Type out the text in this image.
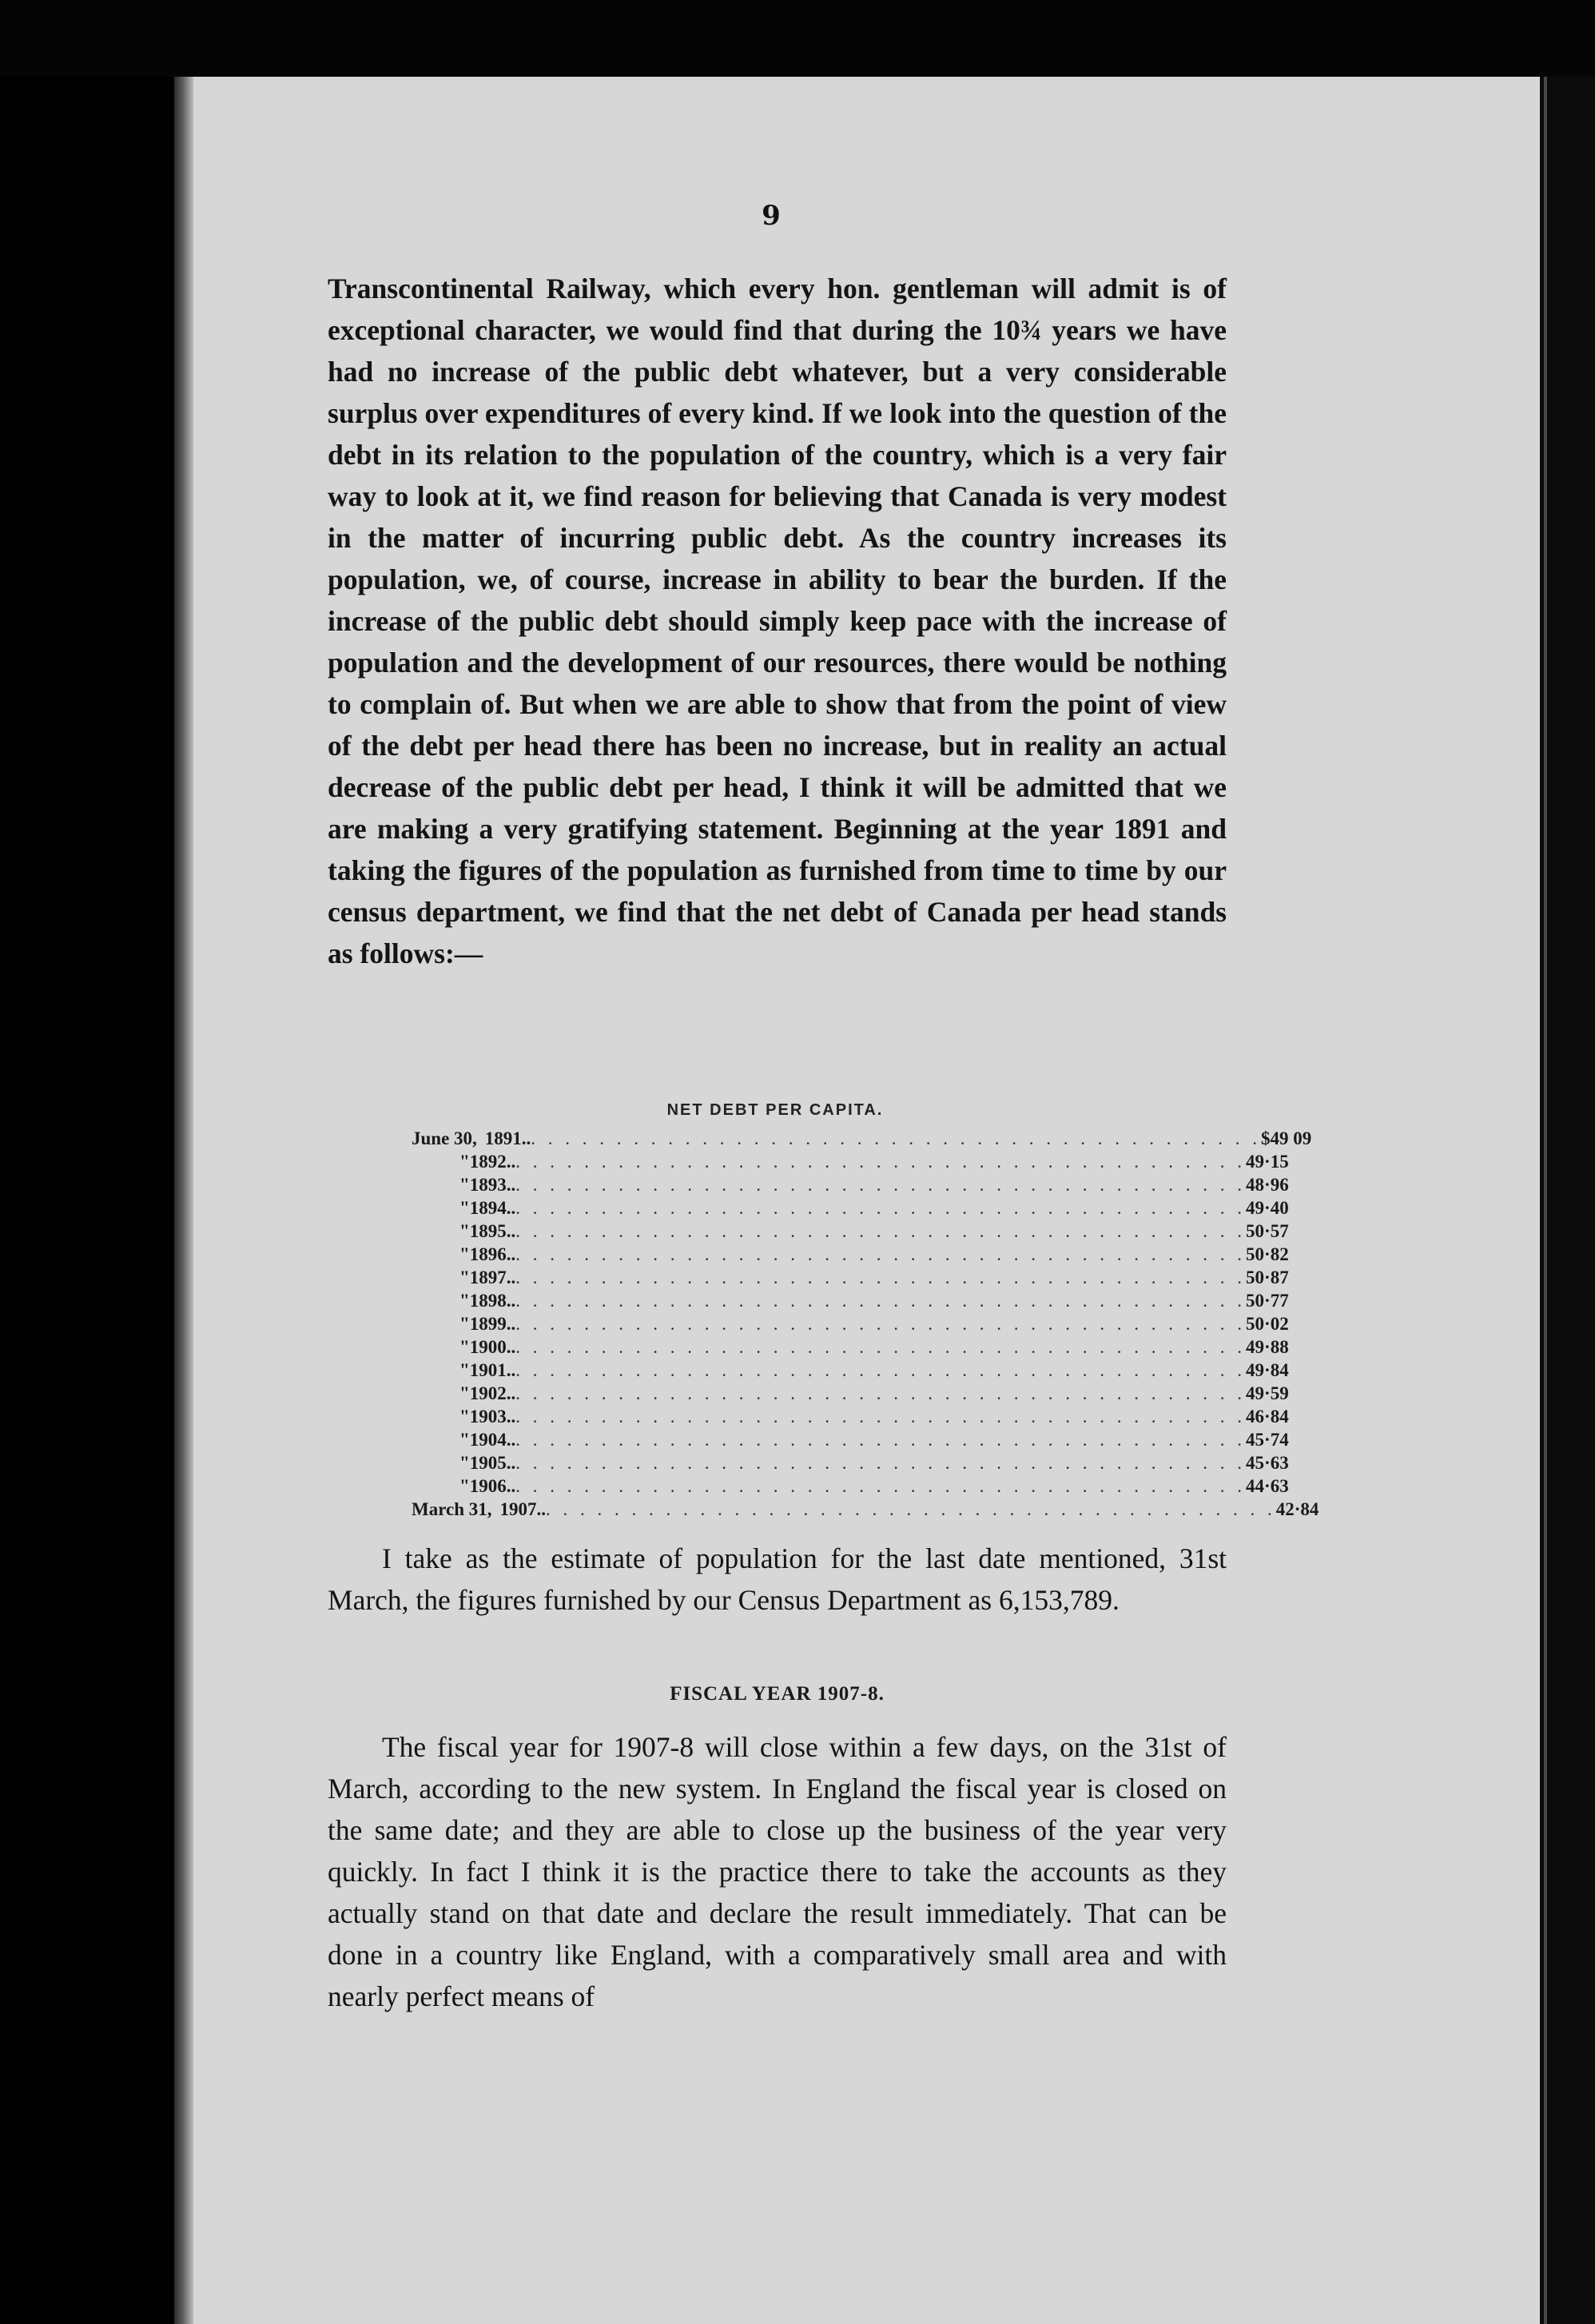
9
Transcontinental Railway, which every hon. gentleman will admit is of exceptional character, we would find that during the 10¾ years we have had no increase of the public debt whatever, but a very considerable surplus over expenditures of every kind. If we look into the question of the debt in its relation to the population of the country, which is a very fair way to look at it, we find reason for believing that Canada is very modest in the matter of incurring public debt. As the country increases its population, we, of course, increase in ability to bear the burden. If the increase of the public debt should simply keep pace with the increase of population and the development of our resources, there would be nothing to complain of. But when we are able to show that from the point of view of the debt per head there has been no increase, but in reality an actual decrease of the public debt per head, I think it will be admitted that we are making a very gratifying statement. Beginning at the year 1891 and taking the figures of the population as furnished from time to time by our census department, we find that the net debt of Canada per head stands as follows:—
NET DEBT PER CAPITA.
June 30, 1891.. . . . . . . . . . . . . . . . . . . . . . . . . . . . . . . . . . . . . . . . . . . . $49 09
" 1892.. . . . . . . . . . . . . . . . . . . . . . . . . . . . . . . . . . . . . . . . . . . . 49·15
" 1893.. . . . . . . . . . . . . . . . . . . . . . . . . . . . . . . . . . . . . . . . . . . . 48·96
" 1894.. . . . . . . . . . . . . . . . . . . . . . . . . . . . . . . . . . . . . . . . . . . . 49·40
" 1895.. . . . . . . . . . . . . . . . . . . . . . . . . . . . . . . . . . . . . . . . . . . . 50·57
" 1896.. . . . . . . . . . . . . . . . . . . . . . . . . . . . . . . . . . . . . . . . . . . . 50·82
" 1897.. . . . . . . . . . . . . . . . . . . . . . . . . . . . . . . . . . . . . . . . . . . . 50·87
" 1898.. . . . . . . . . . . . . . . . . . . . . . . . . . . . . . . . . . . . . . . . . . . . 50·77
" 1899.. . . . . . . . . . . . . . . . . . . . . . . . . . . . . . . . . . . . . . . . . . . . 50·02
" 1900.. . . . . . . . . . . . . . . . . . . . . . . . . . . . . . . . . . . . . . . . . . . . 49·88
" 1901.. . . . . . . . . . . . . . . . . . . . . . . . . . . . . . . . . . . . . . . . . . . . 49·84
" 1902.. . . . . . . . . . . . . . . . . . . . . . . . . . . . . . . . . . . . . . . . . . . . 49·59
" 1903.. . . . . . . . . . . . . . . . . . . . . . . . . . . . . . . . . . . . . . . . . . . . 46·84
" 1904.. . . . . . . . . . . . . . . . . . . . . . . . . . . . . . . . . . . . . . . . . . . . 45·74
" 1905.. . . . . . . . . . . . . . . . . . . . . . . . . . . . . . . . . . . . . . . . . . . . 45·63
" 1906.. . . . . . . . . . . . . . . . . . . . . . . . . . . . . . . . . . . . . . . . . . . . 44·63
March 31, 1907.. . . . . . . . . . . . . . . . . . . . . . . . . . . . . . . . . . . . . . . . . . . . 42·84
I take as the estimate of population for the last date mentioned, 31st March, the figures furnished by our Census Department as 6,153,789.
FISCAL YEAR 1907-8.
The fiscal year for 1907-8 will close within a few days, on the 31st of March, according to the new system. In England the fiscal year is closed on the same date; and they are able to close up the business of the year very quickly. In fact I think it is the practice there to take the accounts as they actually stand on that date and declare the result immediately. That can be done in a country like England, with a comparatively small area and with nearly perfect means of
